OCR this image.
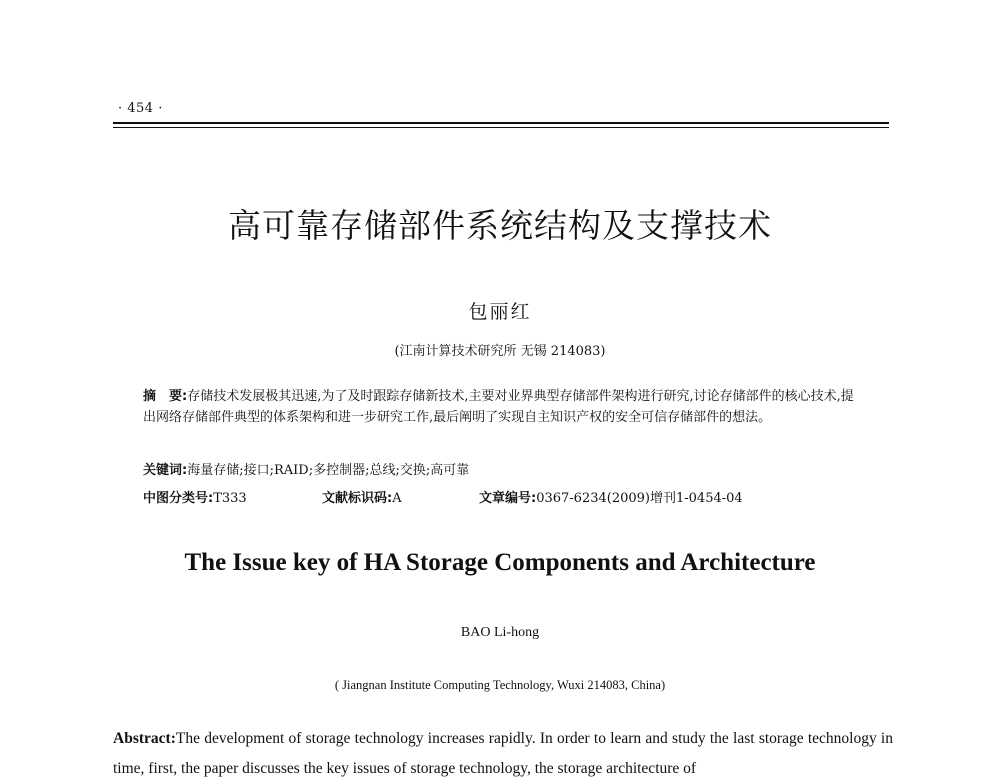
· 454 ·
高可靠存储部件系统结构及支撑技术
包丽红
(江南计算技术研究所 无锡 214083)
摘　要:存储技术发展极其迅速,为了及时跟踪存储新技术,主要对业界典型存储部件架构进行研究,讨论存储部件的核心技术,提出网络存储部件典型的体系架构和进一步研究工作,最后阐明了实现自主知识产权的安全可信存储部件的想法。
关键词:海量存储;接口;RAID;多控制器;总线;交换;高可靠
中图分类号:T333	文献标识码:A	文章编号:0367-6234(2009)增刊1-0454-04
The Issue key of HA Storage Components and Architecture
BAO Li-hong
( Jiangnan Institute Computing Technology, Wuxi 214083, China)
Abstract:The development of storage technology increases rapidly. In order to learn and study the last storage technology in time, first, the paper discusses the key issues of storage technology, the storage architecture of
